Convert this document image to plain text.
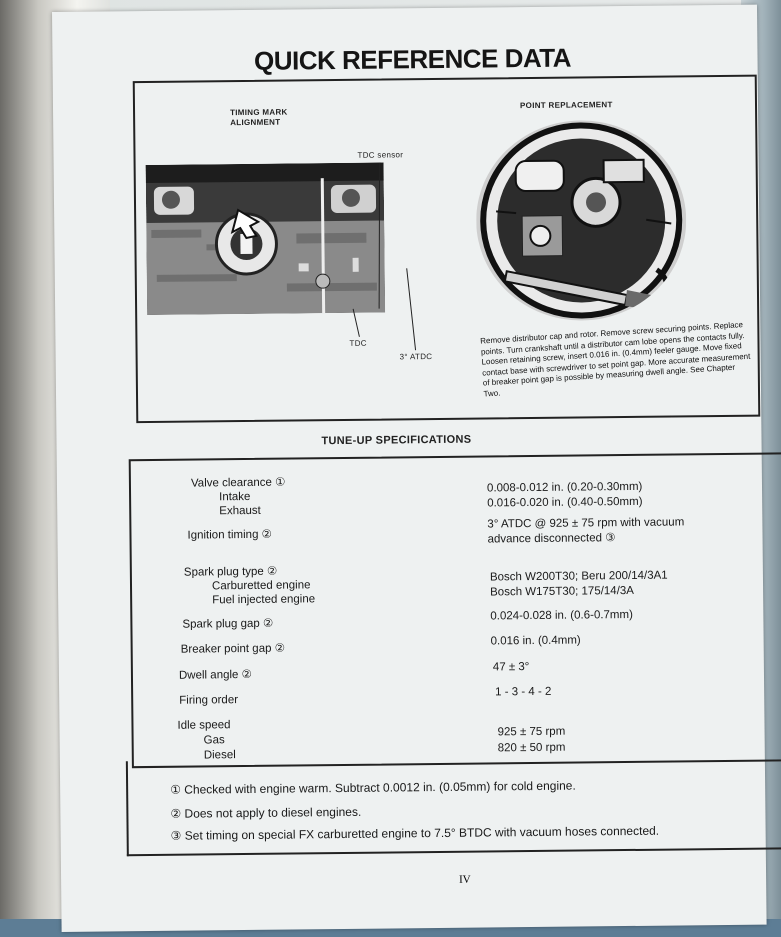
QUICK REFERENCE DATA
TIMING MARK ALIGNMENT
TDC sensor
TDC
3° ATDC
POINT REPLACEMENT
Remove distributor cap and rotor. Remove screw securing points. Replace points. Turn crankshaft until a distributor cam lobe opens the contacts fully. Loosen retaining screw, insert 0.016 in. (0.4mm) feeler gauge. Move fixed contact base with screwdriver to set point gap. More accurate measurement of breaker point gap is possible by measuring dwell angle. See Chapter Two.
TUNE-UP SPECIFICATIONS
Valve clearance ①
Intake
0.008-0.012 in. (0.20-0.30mm)
Exhaust
0.016-0.020 in. (0.40-0.50mm)
Ignition timing ②
3° ATDC @ 925 ± 75 rpm with vacuum
advance disconnected ③
Spark plug type ②
Carburetted engine
Bosch W200T30; Beru 200/14/3A1
Fuel injected engine
Bosch W175T30; 175/14/3A
Spark plug gap ②
0.024-0.028 in. (0.6-0.7mm)
Breaker point gap ②
0.016 in. (0.4mm)
Dwell angle ②
47 ± 3°
Firing order
1 - 3 - 4 - 2
Idle speed
Gas
925 ± 75 rpm
Diesel
820 ± 50 rpm
① Checked with engine warm. Subtract 0.0012 in. (0.05mm) for cold engine.
② Does not apply to diesel engines.
③ Set timing on special FX carburetted engine to 7.5° BTDC with vacuum hoses connected.
IV
